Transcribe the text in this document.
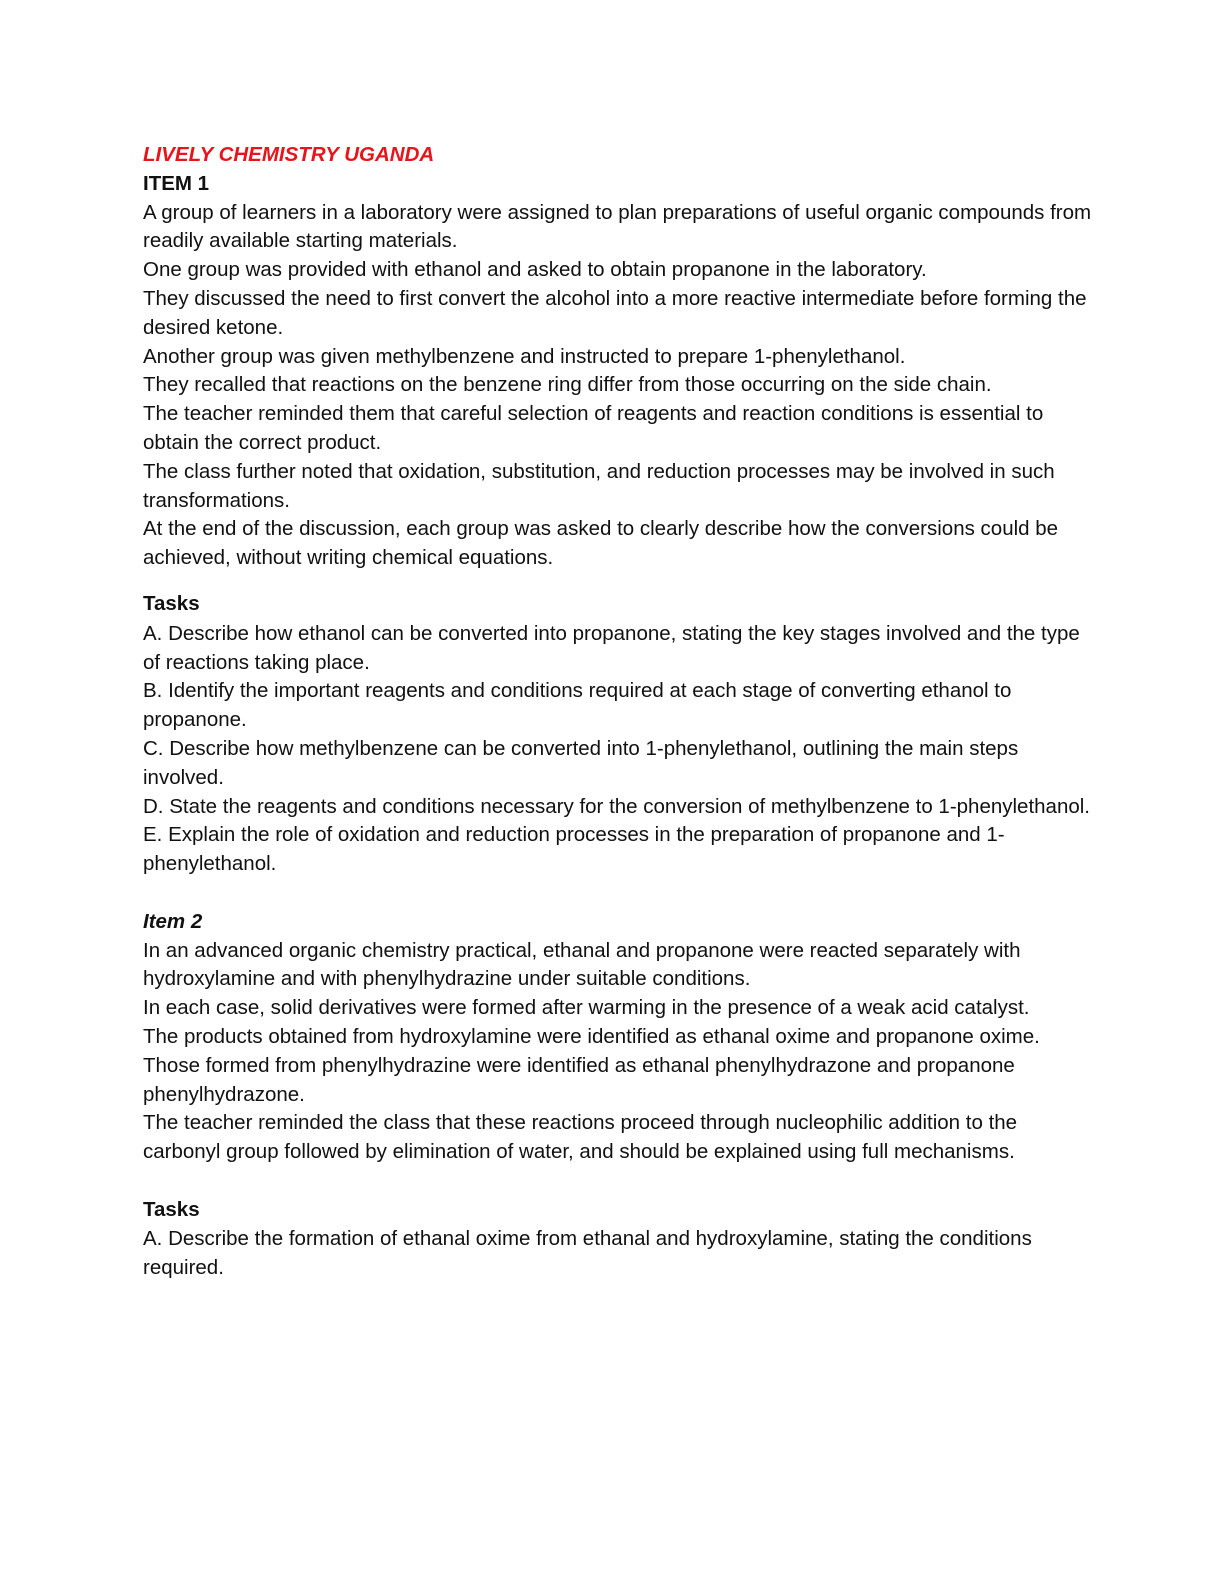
LIVELY CHEMISTRY UGANDA
ITEM 1

A group of learners in a laboratory were assigned to plan preparations of useful organic compounds from readily available starting materials.

One group was provided with ethanol and asked to obtain propanone in the laboratory.

They discussed the need to first convert the alcohol into a more reactive intermediate before forming the desired ketone.

Another group was given methylbenzene and instructed to prepare 1-phenylethanol.

They recalled that reactions on the benzene ring differ from those occurring on the side chain.

The teacher reminded them that careful selection of reagents and reaction conditions is essential to obtain the correct product.

The class further noted that oxidation, substitution, and reduction processes may be involved in such transformations.

At the end of the discussion, each group was asked to clearly describe how the conversions could be achieved, without writing chemical equations.

Tasks

A. Describe how ethanol can be converted into propanone, stating the key stages involved and the type of reactions taking place.

B. Identify the important reagents and conditions required at each stage of converting ethanol to propanone.

C. Describe how methylbenzene can be converted into 1-phenylethanol, outlining the main steps involved.

D. State the reagents and conditions necessary for the conversion of methylbenzene to 1-phenylethanol.

E. Explain the role of oxidation and reduction processes in the preparation of propanone and 1-phenylethanol.

Item 2

In an advanced organic chemistry practical, ethanal and propanone were reacted separately with hydroxylamine and with phenylhydrazine under suitable conditions.

In each case, solid derivatives were formed after warming in the presence of a weak acid catalyst.

The products obtained from hydroxylamine were identified as ethanal oxime and propanone oxime.

Those formed from phenylhydrazine were identified as ethanal phenylhydrazone and propanone phenylhydrazone.

The teacher reminded the class that these reactions proceed through nucleophilic addition to the carbonyl group followed by elimination of water, and should be explained using full mechanisms.

Tasks

A. Describe the formation of ethanal oxime from ethanal and hydroxylamine, stating the conditions required.
